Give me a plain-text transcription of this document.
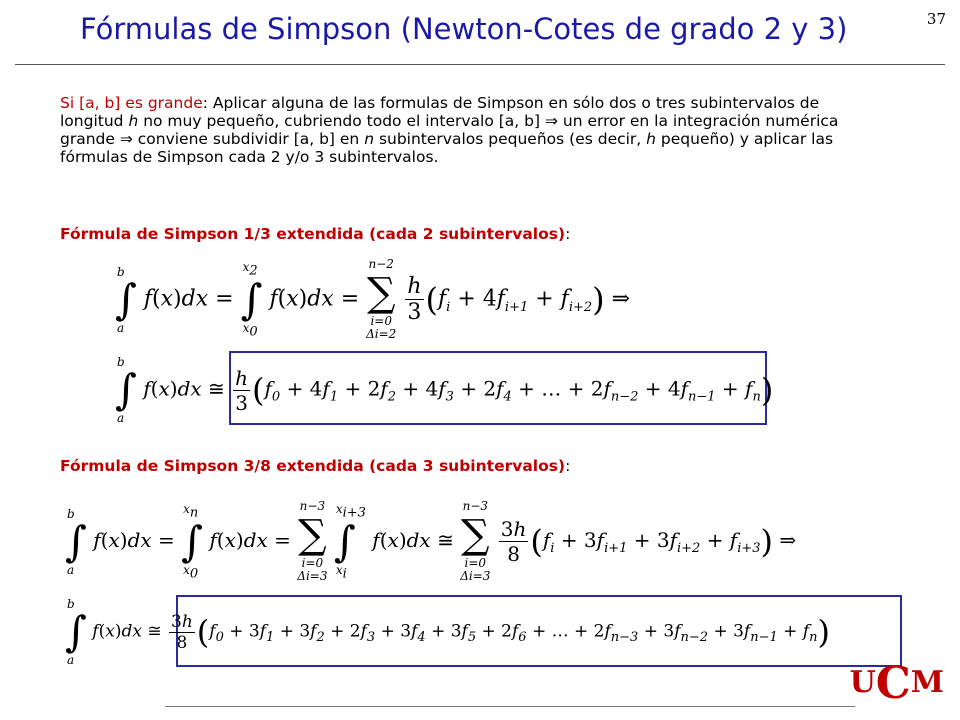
Fórmulas de Simpson (Newton-Cotes de grado 2 y 3)	37
Si [a, b] es grande: Aplicar alguna de las formulas de Simpson en sólo dos o tres subintervalos de longitud h no muy pequeño, cubriendo todo el intervalo [a, b] ⇒ un error en la integración numérica grande ⇒ conviene subdividir [a, b] en n subintervalos pequeños (es decir, h pequeño) y aplicar las fórmulas de Simpson cada 2 y/o 3 subintervalos.
Fórmula de Simpson 1/3 extendida (cada 2 subintervalos):
b
∫
a
f(x)dx =
$x_2$
∫
$x_0$
f(x)dx =
n−2
∑
i=0
Δi=2

$\frac{h}{3} (f_i + 4f_{i+1} + f_{i+2})$ ⇒
b
∫
a
f(x)dx ≅ $\frac{h}{3} (f_0 + 4f_1 + 2f_2 + 4f_3 + 2f_4$ + … + $2f_{n-2} + 4f_{n-1} + f_n$)
Fórmula de Simpson 3/8 extendida (cada 3 subintervalos):
b
∫
a
f(x)dx =
$x_n$
∫
$x_0$
f(x)dx =
n−3
∑
i=0
Δi=3

$x_{i+3}$
∫
$x_i$
f(x)dx ≅
n−3
∑
i=0
Δi=3

$\frac{3h}{8} (f_i + 3f_{i+1} + 3f_{i+2} + f_{i+3})$ ⇒
b
∫
a
f(x)dx ≅ $\frac{3h}{8} (f_0 + 3f_1 + 3f_2 + 2f_3 + 3f_4 + 3f_5 + 2f_6$ + … + $2f_{n-3} + 3f_{n-2} + 3f_{n-1} + f_n$)
UCM
